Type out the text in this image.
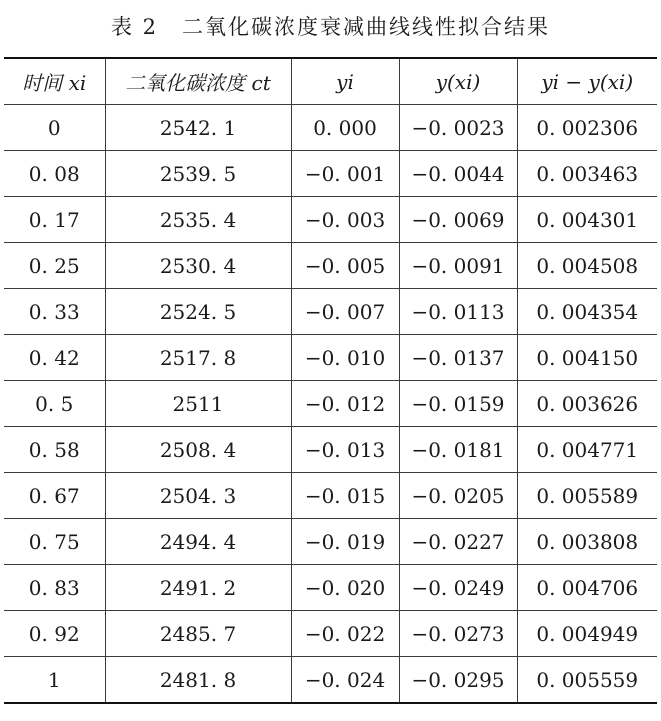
表 2 二氧化碳浓度衰减曲线线性拟合结果
时间 xi	二氧化碳浓度 ct	yi	y(xi)	yi − y(xi)
0	2542. 1	0. 000	−0. 0023	0. 002306
0. 08	2539. 5	−0. 001	−0. 0044	0. 003463
0. 17	2535. 4	−0. 003	−0. 0069	0. 004301
0. 25	2530. 4	−0. 005	−0. 0091	0. 004508
0. 33	2524. 5	−0. 007	−0. 0113	0. 004354
0. 42	2517. 8	−0. 010	−0. 0137	0. 004150
0. 5	2511	−0. 012	−0. 0159	0. 003626
0. 58	2508. 4	−0. 013	−0. 0181	0. 004771
0. 67	2504. 3	−0. 015	−0. 0205	0. 005589
0. 75	2494. 4	−0. 019	−0. 0227	0. 003808
0. 83	2491. 2	−0. 020	−0. 0249	0. 004706
0. 92	2485. 7	−0. 022	−0. 0273	0. 004949
1	2481. 8	−0. 024	−0. 0295	0. 005559
